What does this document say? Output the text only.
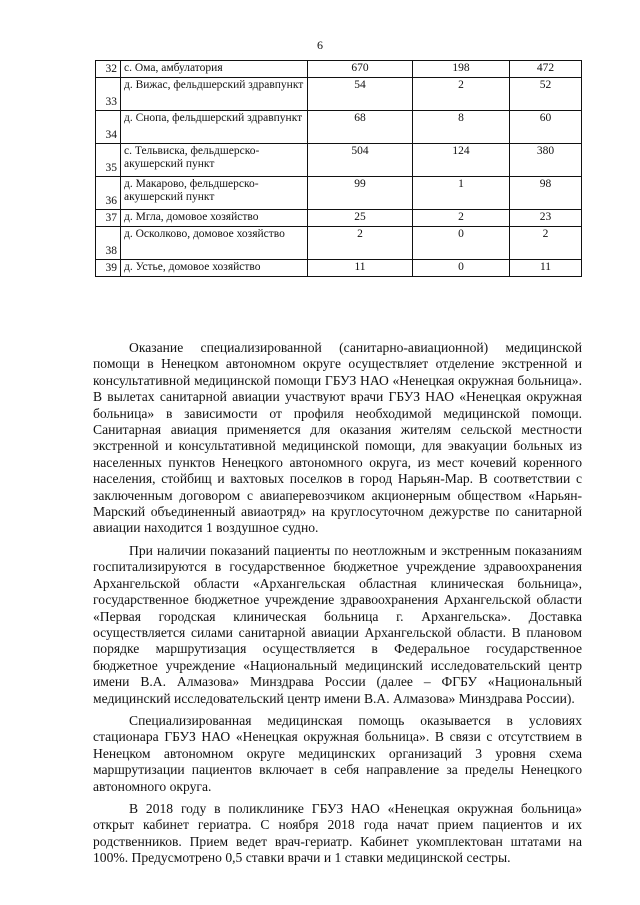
6
32	с. Ома, амбулатория	670	198	472
33	д. Вижас, фельдшерский здравпункт	54	2	52
34	д. Снопа, фельдшерский здравпункт	68	8	60
35	с. Тельвиска, фельдшерско-акушерский пункт	504	124	380
36	д. Макарово, фельдшерско-акушерский пункт	99	1	98
37	д. Мгла, домовое хозяйство	25	2	23
38	д. Осколково, домовое хозяйство	2	0	2
39	д. Устье, домовое хозяйство	11	0	11

Оказание специализированной (санитарно-авиационной) медицинской помощи в Ненецком автономном округе осуществляет отделение экстренной и консультативной медицинской помощи ГБУЗ НАО «Ненецкая окружная больница». В вылетах санитарной авиации участвуют врачи ГБУЗ НАО «Ненецкая окружная больница» в зависимости от профиля необходимой медицинской помощи. Санитарная авиация применяется для оказания жителям сельской местности экстренной и консультативной медицинской помощи, для эвакуации больных из населенных пунктов Ненецкого автономного округа, из мест кочевий коренного населения, стойбищ и вахтовых поселков в город Нарьян-Мар. В соответствии с заключенным договором с авиаперевозчиком акционерным обществом «Нарьян-Марский объединенный авиаотряд» на круглосуточном дежурстве по санитарной авиации находится 1 воздушное судно.

При наличии показаний пациенты по неотложным и экстренным показаниям госпитализируются в государственное бюджетное учреждение здравоохранения Архангельской области «Архангельская областная клиническая больница», государственное бюджетное учреждение здравоохранения Архангельской области «Первая городская клиническая больница г. Архангельска». Доставка осуществляется силами санитарной авиации Архангельской области. В плановом порядке маршрутизация осуществляется в Федеральное государственное бюджетное учреждение «Национальный медицинский исследовательский центр имени В.А. Алмазова» Минздрава России (далее – ФГБУ «Национальный медицинский исследовательский центр имени В.А. Алмазова» Минздрава России).

Специализированная медицинская помощь оказывается в условиях стационара ГБУЗ НАО «Ненецкая окружная больница». В связи с отсутствием в Ненецком автономном округе медицинских организаций 3 уровня схема маршрутизации пациентов включает в себя направление за пределы Ненецкого автономного округа.

В 2018 году в поликлинике ГБУЗ НАО «Ненецкая окружная больница» открыт кабинет гериатра. С ноября 2018 года начат прием пациентов и их родственников. Прием ведет врач-гериатр. Кабинет укомплектован штатами на 100%. Предусмотрено 0,5 ставки врачи и 1 ставки медицинской сестры.
